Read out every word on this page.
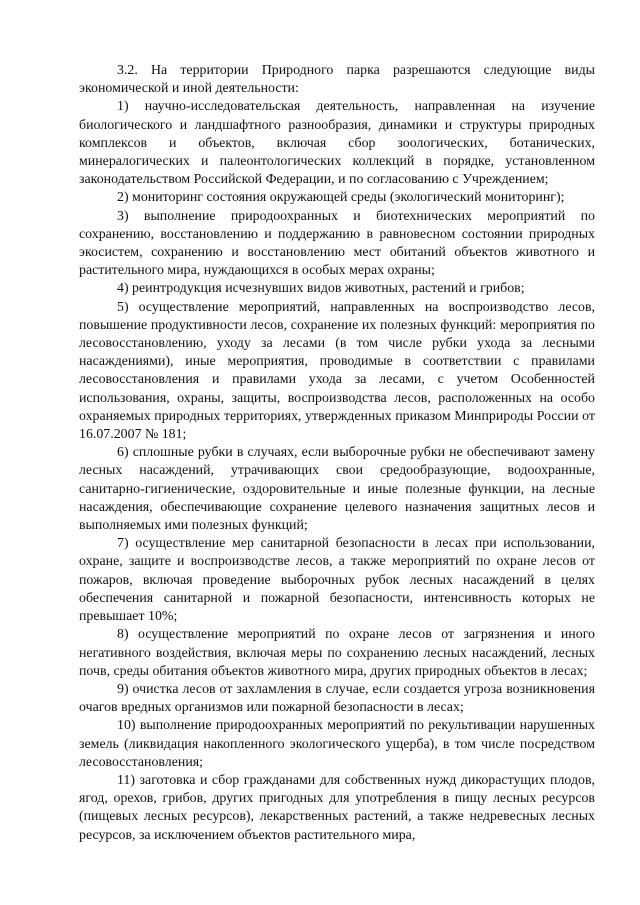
3.2. На территории Природного парка разрешаются следующие виды экономической и иной деятельности:

1) научно-исследовательская деятельность, направленная на изучение биологического и ландшафтного разнообразия, динамики и структуры природных комплексов и объектов, включая сбор зоологических, ботанических, минералогических и палеонтологических коллекций в порядке, установленном законодательством Российской Федерации, и по согласованию с Учреждением;

2) мониторинг состояния окружающей среды (экологический мониторинг);

3) выполнение природоохранных и биотехнических мероприятий по сохранению, восстановлению и поддержанию в равновесном состоянии природных экосистем, сохранению и восстановлению мест обитаний объектов животного и растительного мира, нуждающихся в особых мерах охраны;

4) реинтродукция исчезнувших видов животных, растений и грибов;

5) осуществление мероприятий, направленных на воспроизводство лесов, повышение продуктивности лесов, сохранение их полезных функций: мероприятия по лесовосстановлению, уходу за лесами (в том числе рубки ухода за лесными насаждениями), иные мероприятия, проводимые в соответствии с правилами лесовосстановления и правилами ухода за лесами, с учетом Особенностей использования, охраны, защиты, воспроизводства лесов, расположенных на особо охраняемых природных территориях, утвержденных приказом Минприроды России от 16.07.2007 № 181;

6) сплошные рубки в случаях, если выборочные рубки не обеспечивают замену лесных насаждений, утрачивающих свои средообразующие, водоохранные, санитарно-гигиенические, оздоровительные и иные полезные функции, на лесные насаждения, обеспечивающие сохранение целевого назначения защитных лесов и выполняемых ими полезных функций;

7) осуществление мер санитарной безопасности в лесах при использовании, охране, защите и воспроизводстве лесов, а также мероприятий по охране лесов от пожаров, включая проведение выборочных рубок лесных насаждений в целях обеспечения санитарной и пожарной безопасности, интенсивность которых не превышает 10%;

8) осуществление мероприятий по охране лесов от загрязнения и иного негативного воздействия, включая меры по сохранению лесных насаждений, лесных почв, среды обитания объектов животного мира, других природных объектов в лесах;

9) очистка лесов от захламления в случае, если создается угроза возникновения очагов вредных организмов или пожарной безопасности в лесах;

10) выполнение природоохранных мероприятий по рекультивации нарушенных земель (ликвидация накопленного экологического ущерба), в том числе посредством лесовосстановления;

11) заготовка и сбор гражданами для собственных нужд дикорастущих плодов, ягод, орехов, грибов, других пригодных для употребления в пищу лесных ресурсов (пищевых лесных ресурсов), лекарственных растений, а также недревесных лесных ресурсов, за исключением объектов растительного мира,
